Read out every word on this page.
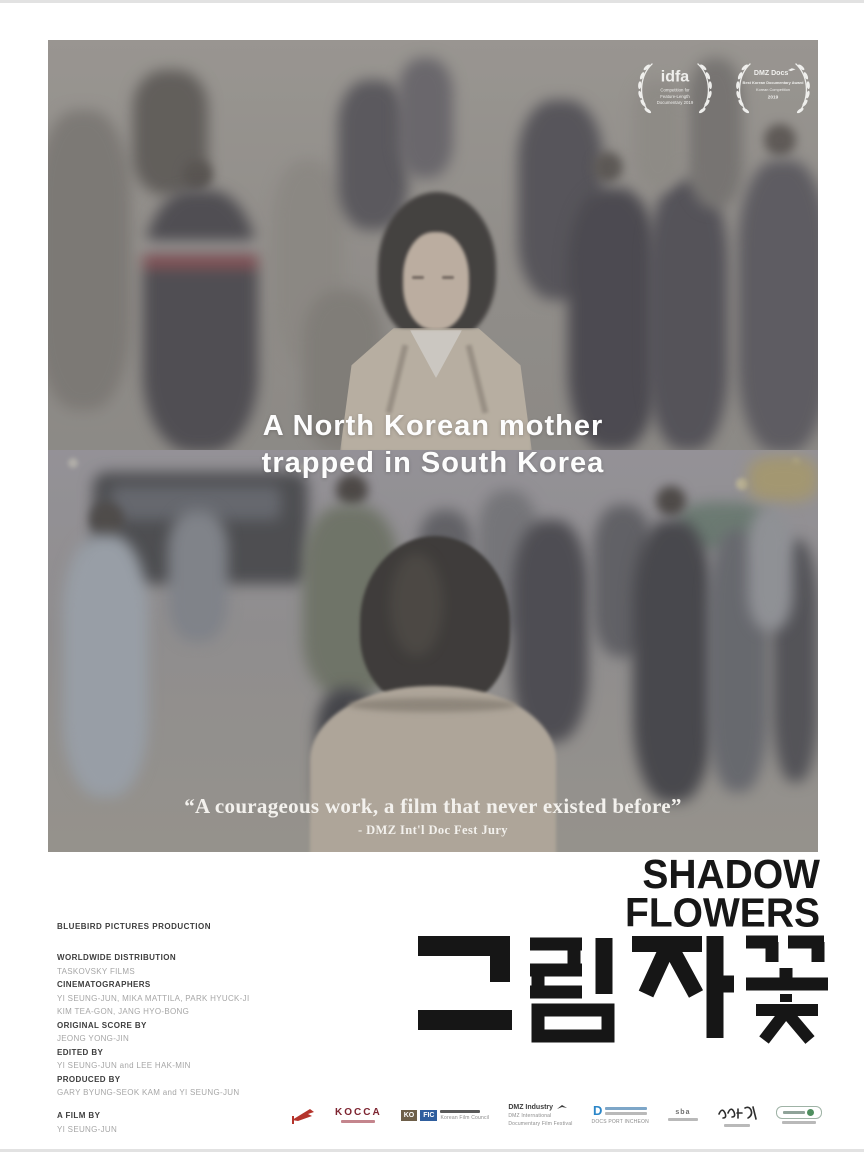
idfa
Competition for
Feature-Length
Documentary 2019
DMZ Docs
Best Korean Documentary Award
Korean Competition
2019
A North Korean mother
trapped in South Korea
“A courageous work, a film that never existed before”
- DMZ Int'l Doc Fest Jury
SHADOW
FLOWERS
BLUEBIRD PICTURES PRODUCTION
WORLDWIDE DISTRIBUTION
TASKOVSKY FILMS
CINEMATOGRAPHERS
YI SEUNG-JUN, MIKA MATTILA, PARK HYUCK-JI
KIM TEA-GON, JANG HYO-BONG
ORIGINAL SCORE BY
JEONG YONG-JIN
EDITED BY
YI SEUNG-JUN and LEE HAK-MIN
PRODUCED BY
GARY BYUNG-SEOK KAM and YI SEUNG-JUN
A FILM BY
YI SEUNG-JUN
KOCCA	KO	FIC	Korean Film Council
DMZ Industry
DMZ International
Documentary Film Festival
D
DOCS PORT INCHEON
sba
